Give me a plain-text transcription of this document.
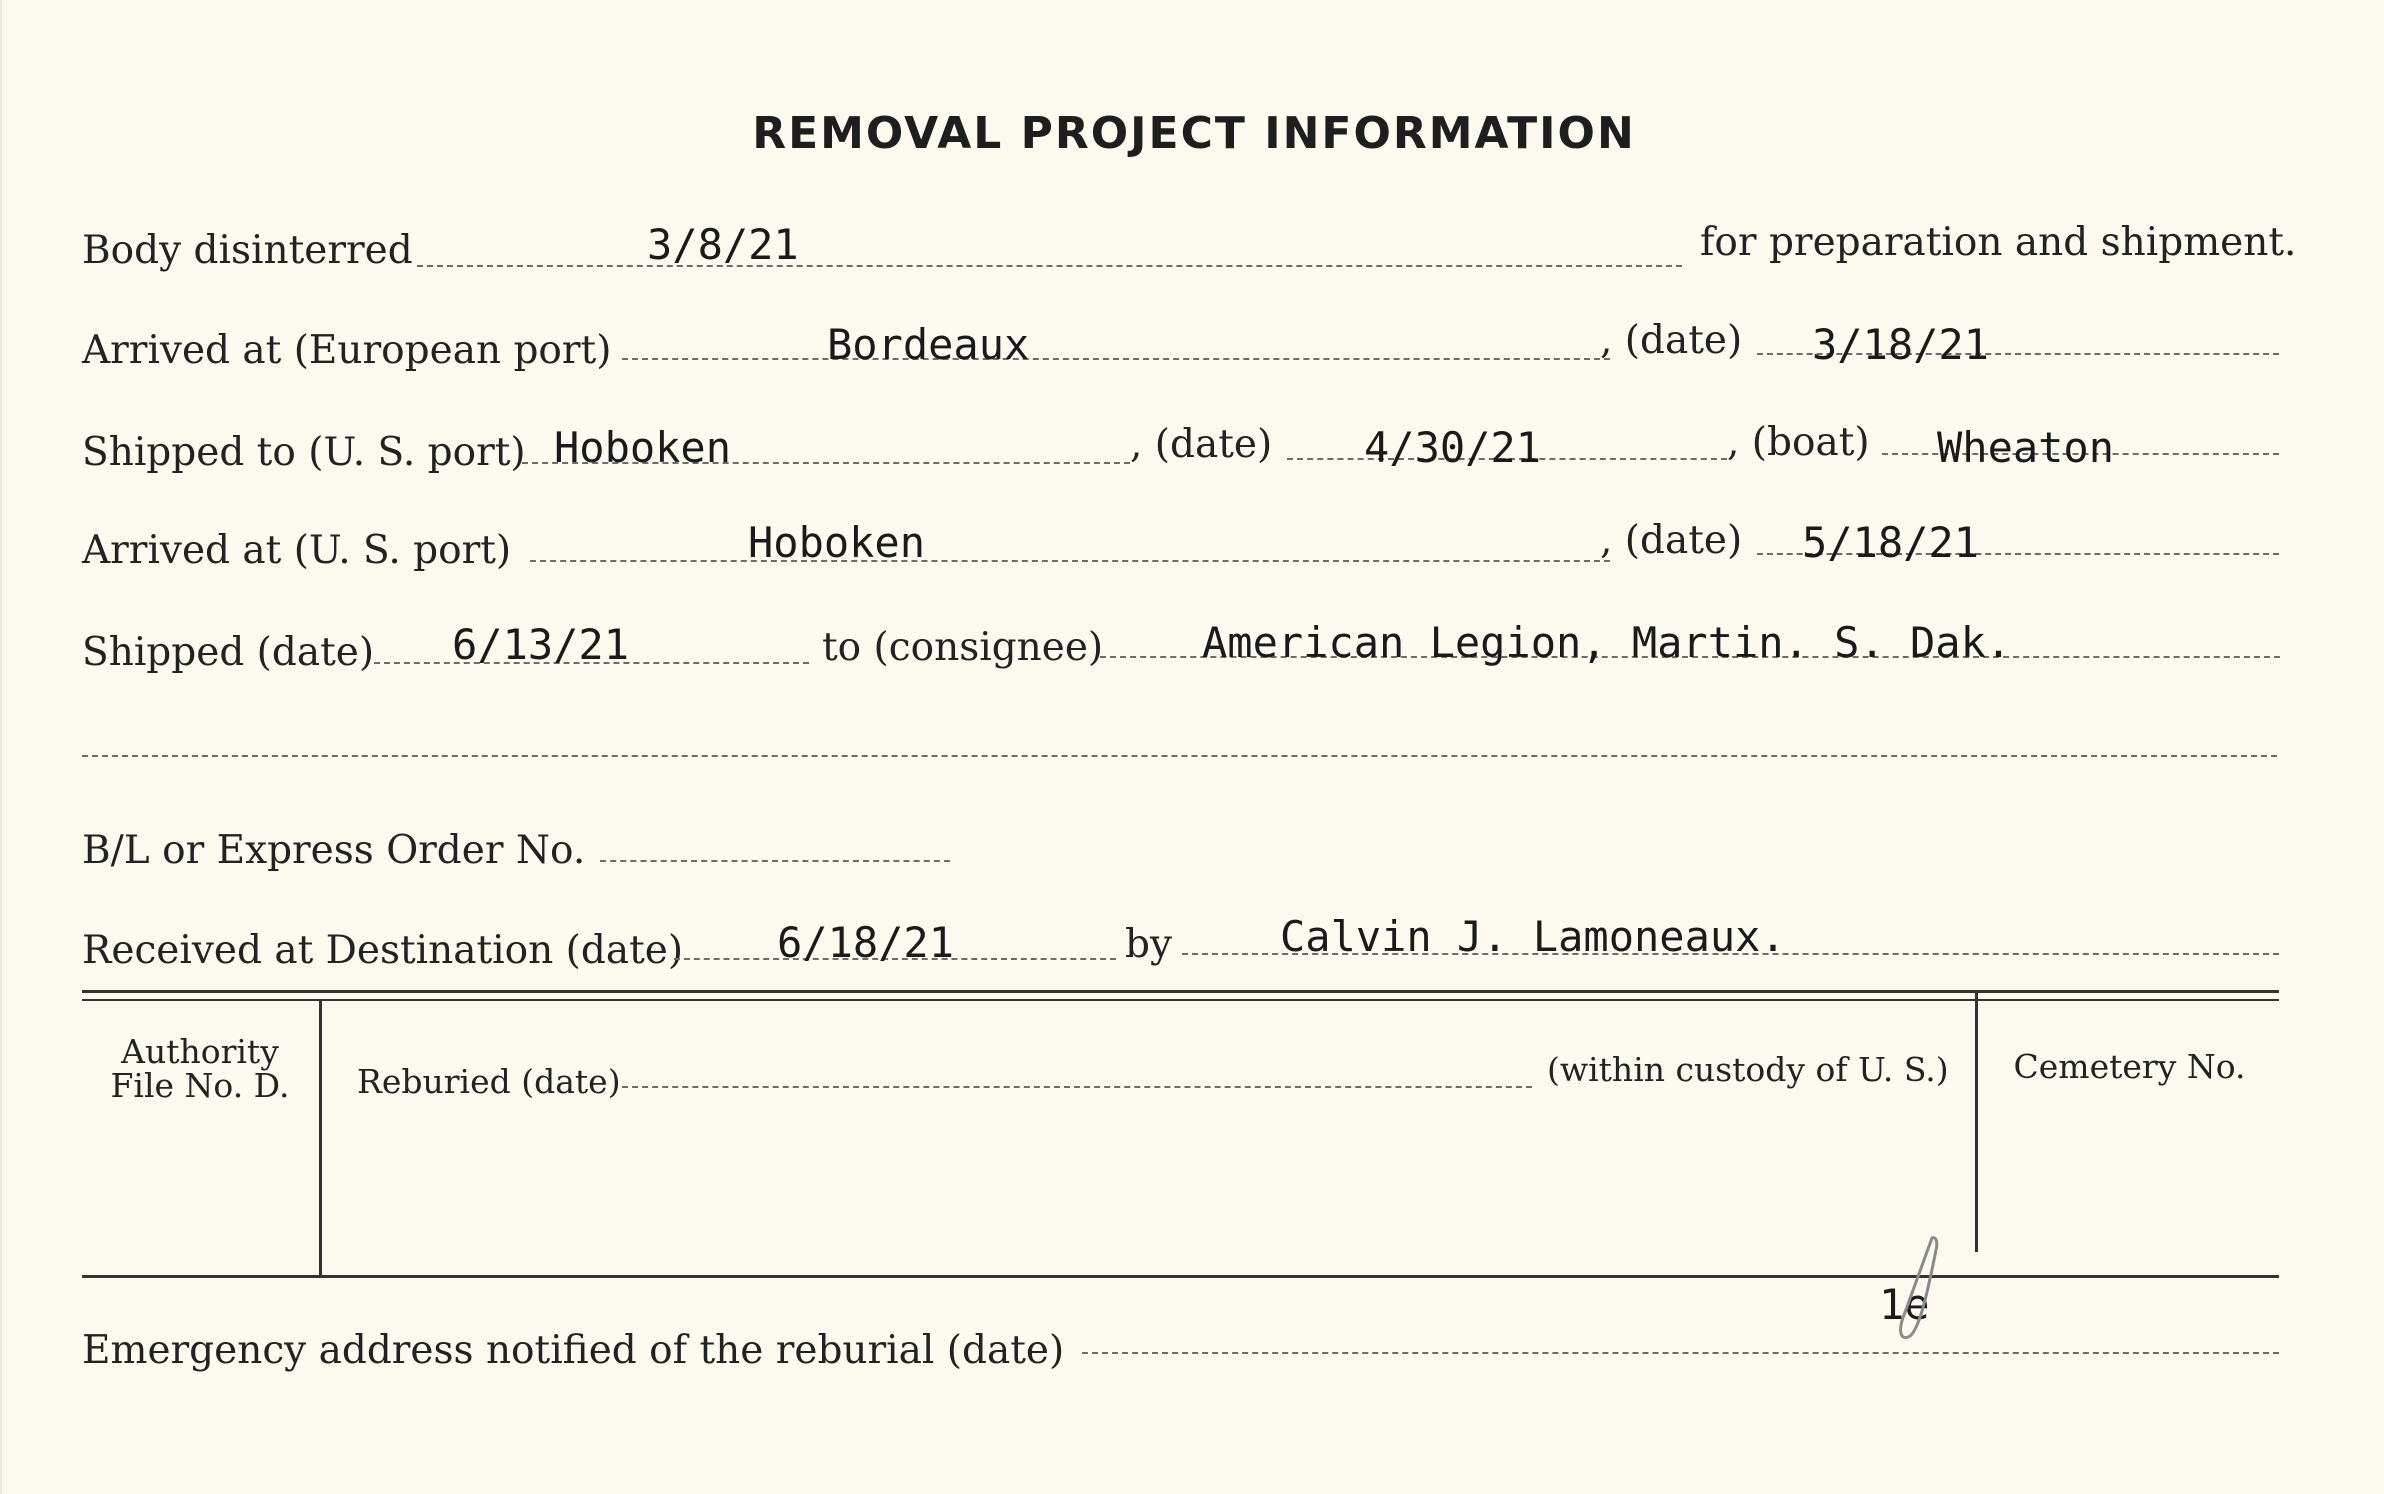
REMOVAL PROJECT INFORMATION
Body disinterred	3/8/21	for preparation and shipment.
Arrived at (European port)	Bordeaux	, (date) 3/18/21
Shipped to (U. S. port) Hoboken	, (date) 4/30/21	, (boat) Wheaton
Arrived at (U. S. port)	Hoboken	, (date) 5/18/21
Shipped (date) 6/13/21	to (consignee) American Legion, Martin. S. Dak.
B/L or Express Order No.
Received at Destination (date) 6/18/21	by	Calvin J. Lamoneaux.
Authority
File No. D.	Reburied (date)	(within custody of U. S.)	Cemetery No.
Emergency address notified of the reburial (date)
1e
